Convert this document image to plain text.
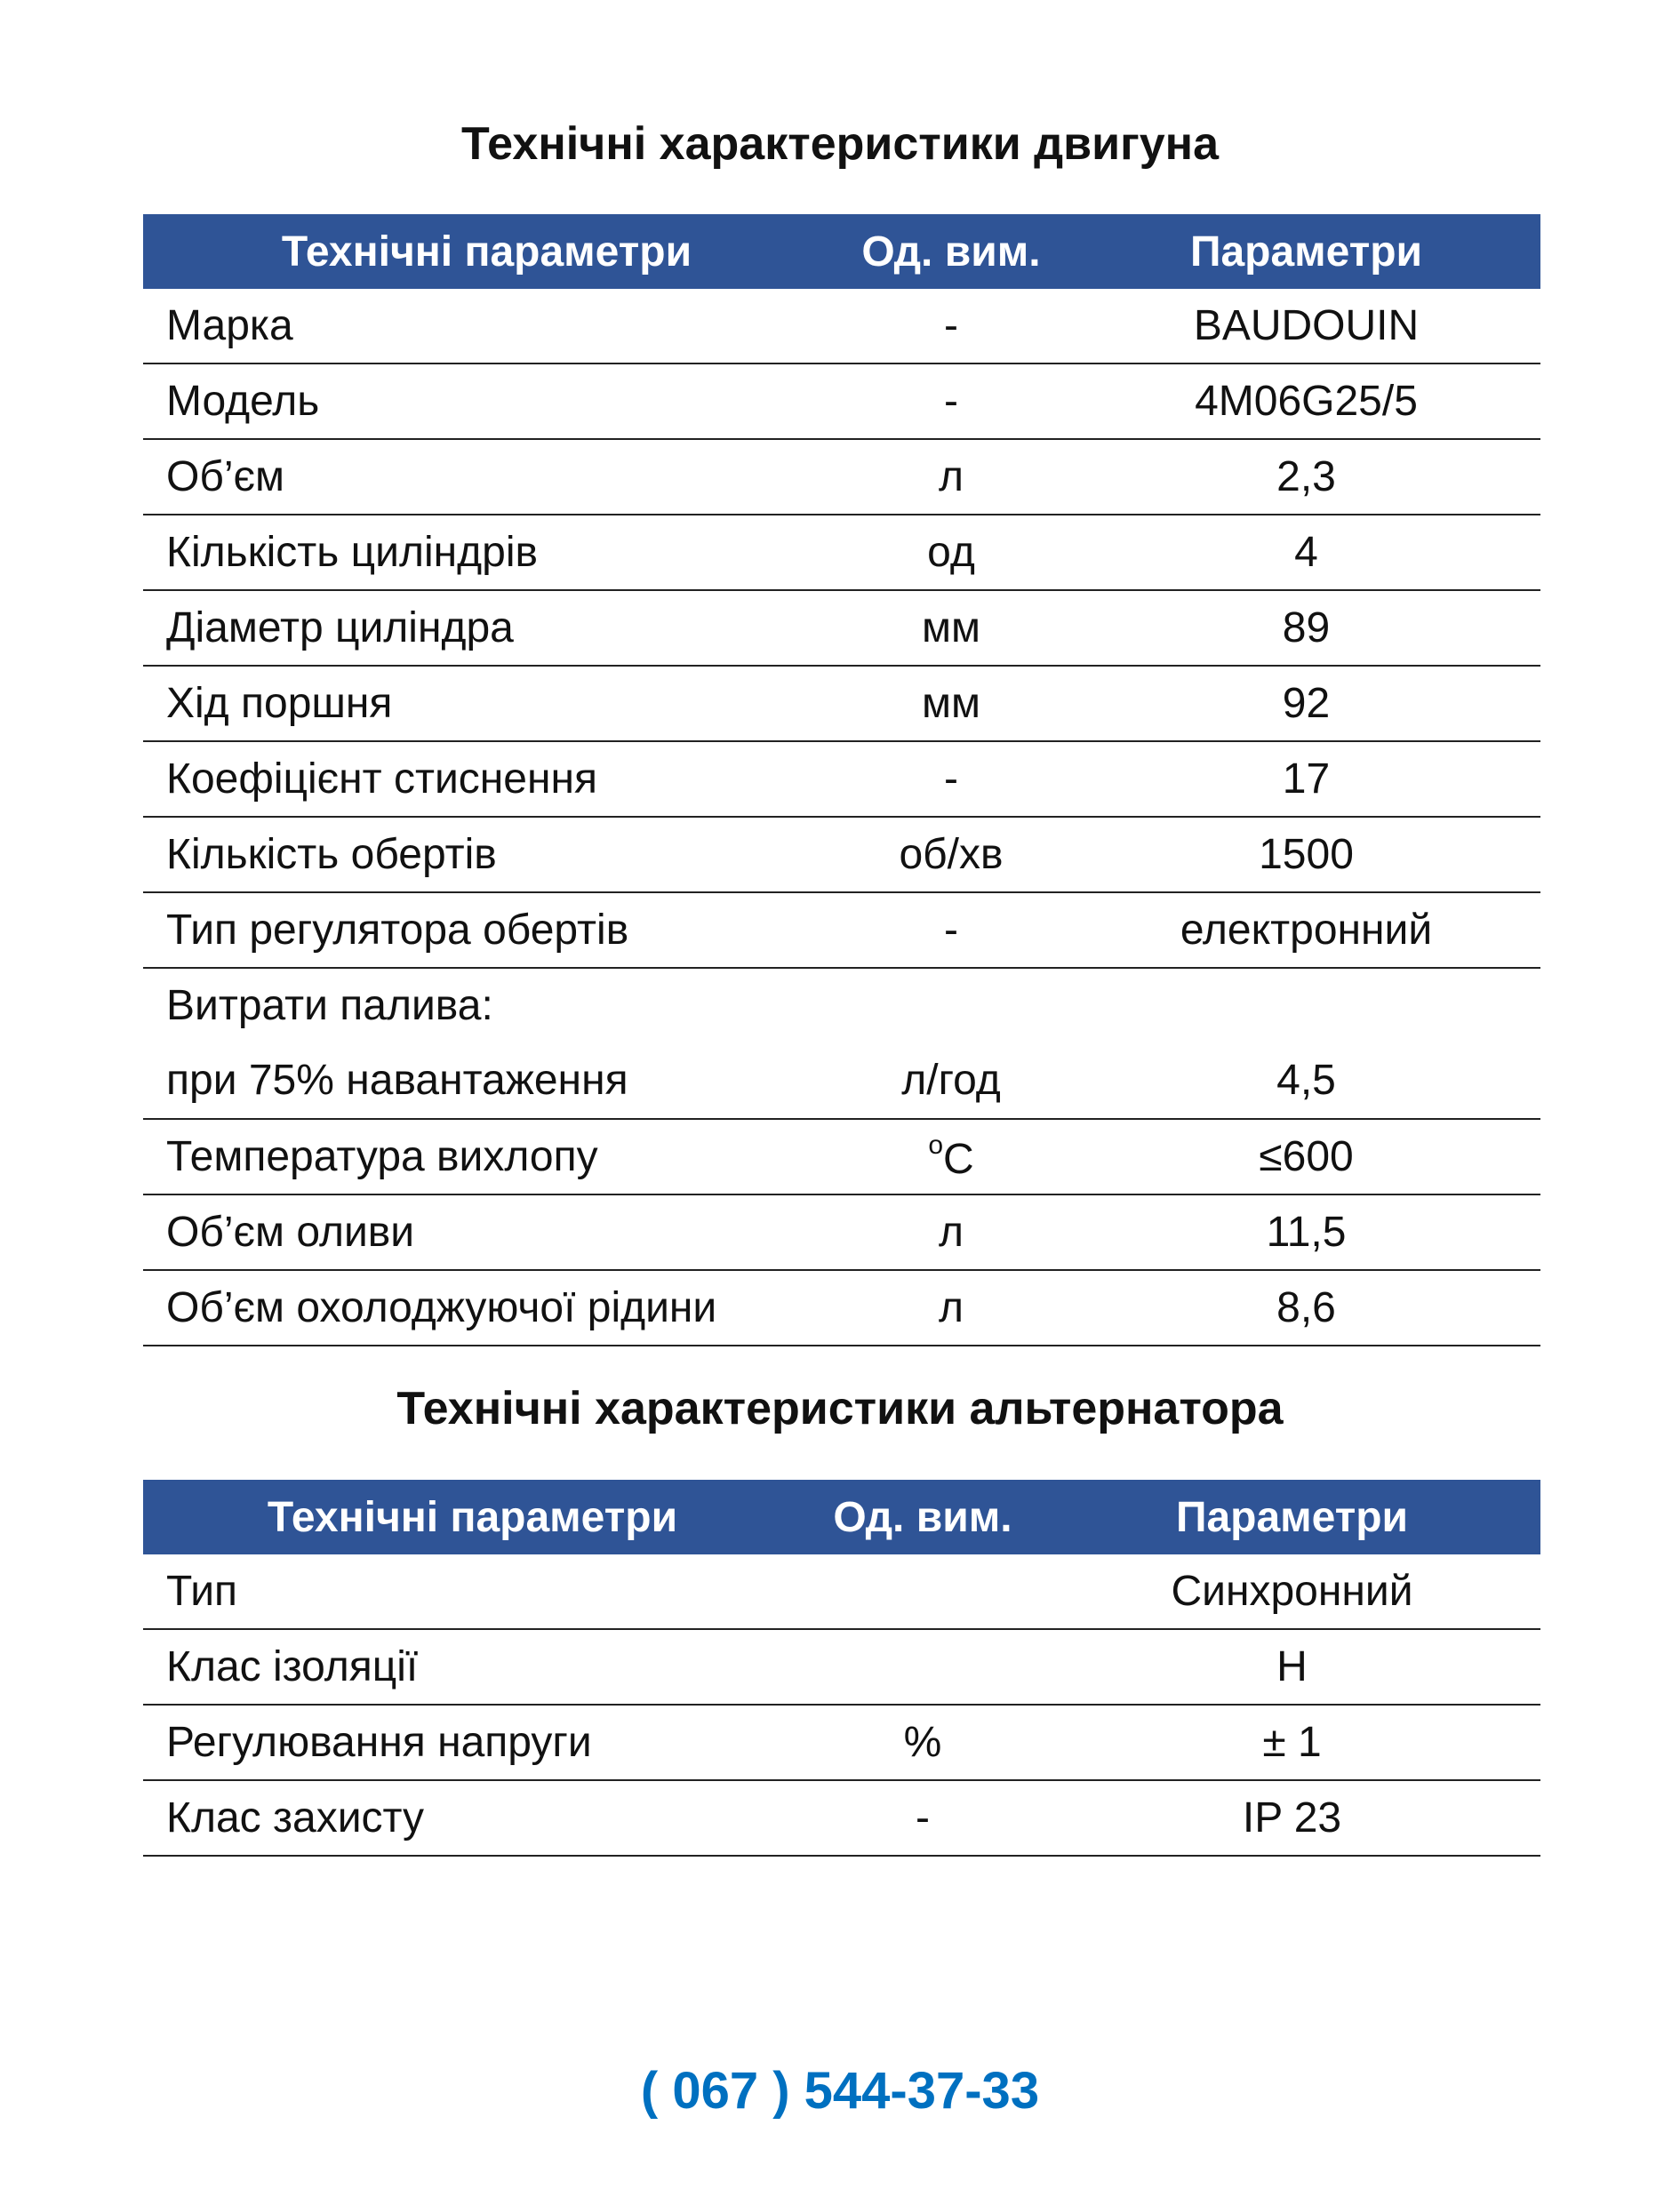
Технічні характеристики двигуна
Технічні параметри	Од. вим.	Параметри
Марка	-	BAUDOUIN
Модель	-	4M06G25/5
Об’єм	л	2,3
Кількість циліндрів	од	4
Діаметр циліндра	мм	89
Хід поршня	мм	92
Коефіцієнт стиснення	-	17
Кількість обертів	об/хв	1500
Тип регулятора обертів	-	електронний

Витрати палива:
при 75% навантаження	л/год	4,5

Температура вихлопу	$^o$C	≤600
Об’єм оливи	л	11,5
Об’єм охолоджуючої рідини	л	8,6
Технічні характеристики альтернатора
Технічні параметри	Од. вим.	Параметри
Тип		Синхронний
Клас ізоляції		H
Регулювання напруги	%	± 1
Клас захисту	-	IP 23
( 067 ) 544-37-33
